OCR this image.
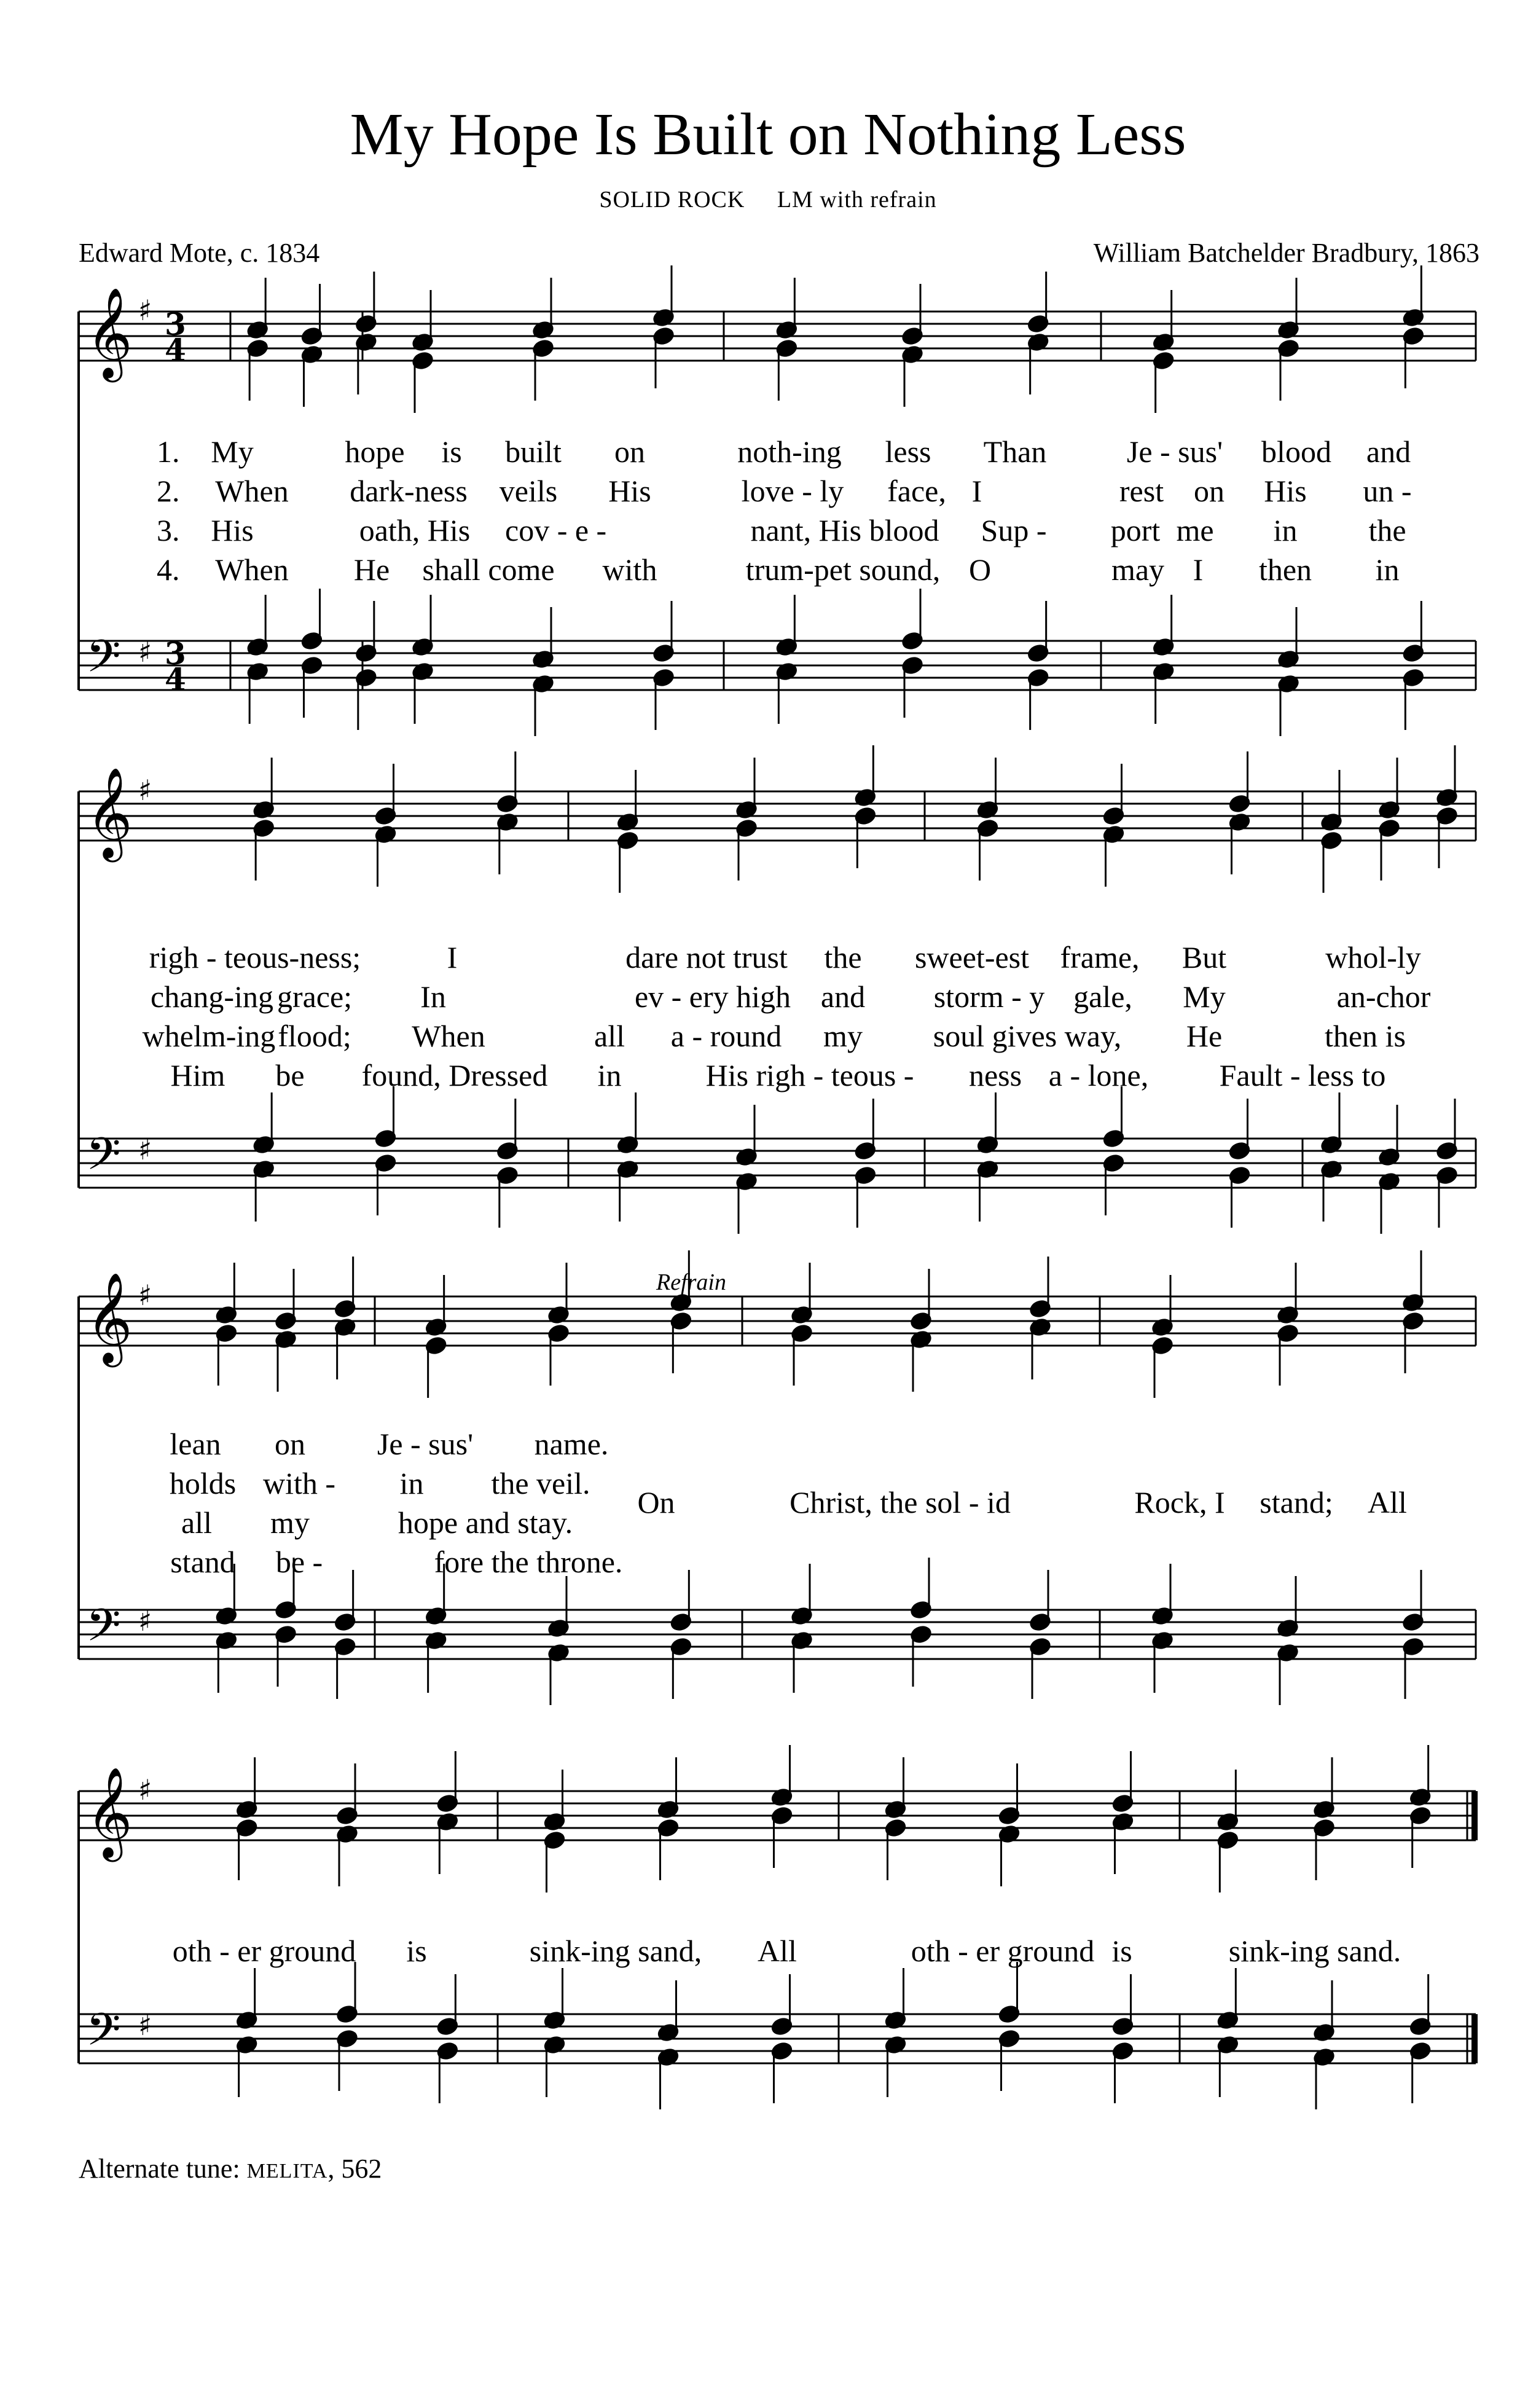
My Hope Is Built on Nothing Less
SOLID ROCK     LM with refrain
Edward Mote, c. 1834	William Batchelder Bradbury, 1863
𝄞
𝄢
♯
♯
3
4
3
4
1. My	hope is built on	noth-ing less Than	Je - sus' blood and
2. When dark-ness veils His	love - ly face, I	rest on His un -
3. His	oath, His cov - e -	nant, His blood Sup - port me in the
4. When He shall come with	trum-pet sound, O	may I then in
𝄞
𝄢
♯
♯
righ - teous-ness;	I	dare not trust the sweet-est frame, But	whol-ly
chang-ing grace; In	ev - ery high and storm - y gale, My	an-chor
whelm-ing flood; When	all a - round my soul gives way, He	then is
Him be found, Dressed in	His righ - teous - ness a - lone, Fault - less to
Refrain
𝄞
𝄢
♯
♯
lean on Je - sus' name.
holds with - in the veil.
all my	hope and stay.
stand be -	fore the throne.
On	Christ, the sol - id	Rock, I stand; All
𝄞
𝄢
♯
♯
oth - er ground is	sink-ing sand, All	oth - er ground is	sink-ing sand.
Alternate tune: MELITA, 562
